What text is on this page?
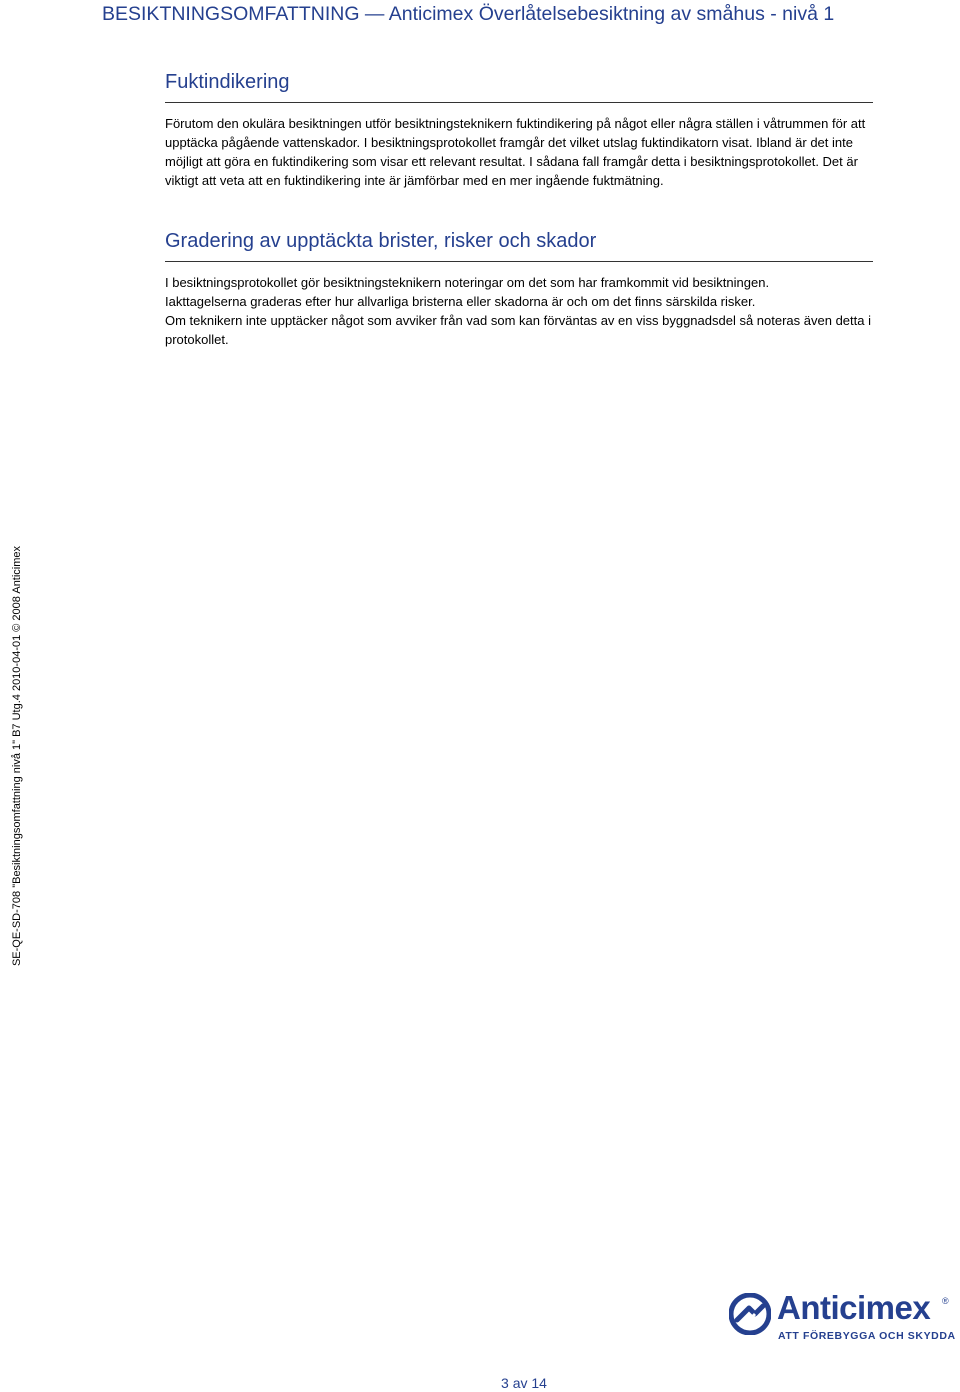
BESIKTNINGSOMFATTNING — Anticimex Överlåtelsebesiktning av småhus - nivå 1
Fuktindikering

Förutom den okulära besiktningen utför besiktningsteknikern fuktindikering på något eller några ställen i våtrummen för att upptäcka pågående vattenskador. I besiktningsprotokollet framgår det vilket utslag fuktindikatorn visat. Ibland är det inte möjligt att göra en fuktindikering som visar ett relevant resultat. I sådana fall framgår detta i besiktningsprotokollet. Det är viktigt att veta att en fuktindikering inte är jämförbar med en mer ingående fuktmätning.

Gradering av upptäckta brister, risker och skador

I besiktningsprotokollet gör besiktningsteknikern noteringar om det som har framkommit vid besiktningen.

Iakttagelserna graderas efter hur allvarliga bristerna eller skadorna är och om det finns särskilda risker.

Om teknikern inte upptäcker något som avviker från vad som kan förväntas av en viss byggnadsdel så noteras även detta i protokollet.

SE-QE-SD-708 "Besiktningsomfattning nivå 1" B7 Utg.4 2010-04-01 © 2008 Anticimex
Anticimex ®
ATT FÖREBYGGA OCH SKYDDA
3 av 14
